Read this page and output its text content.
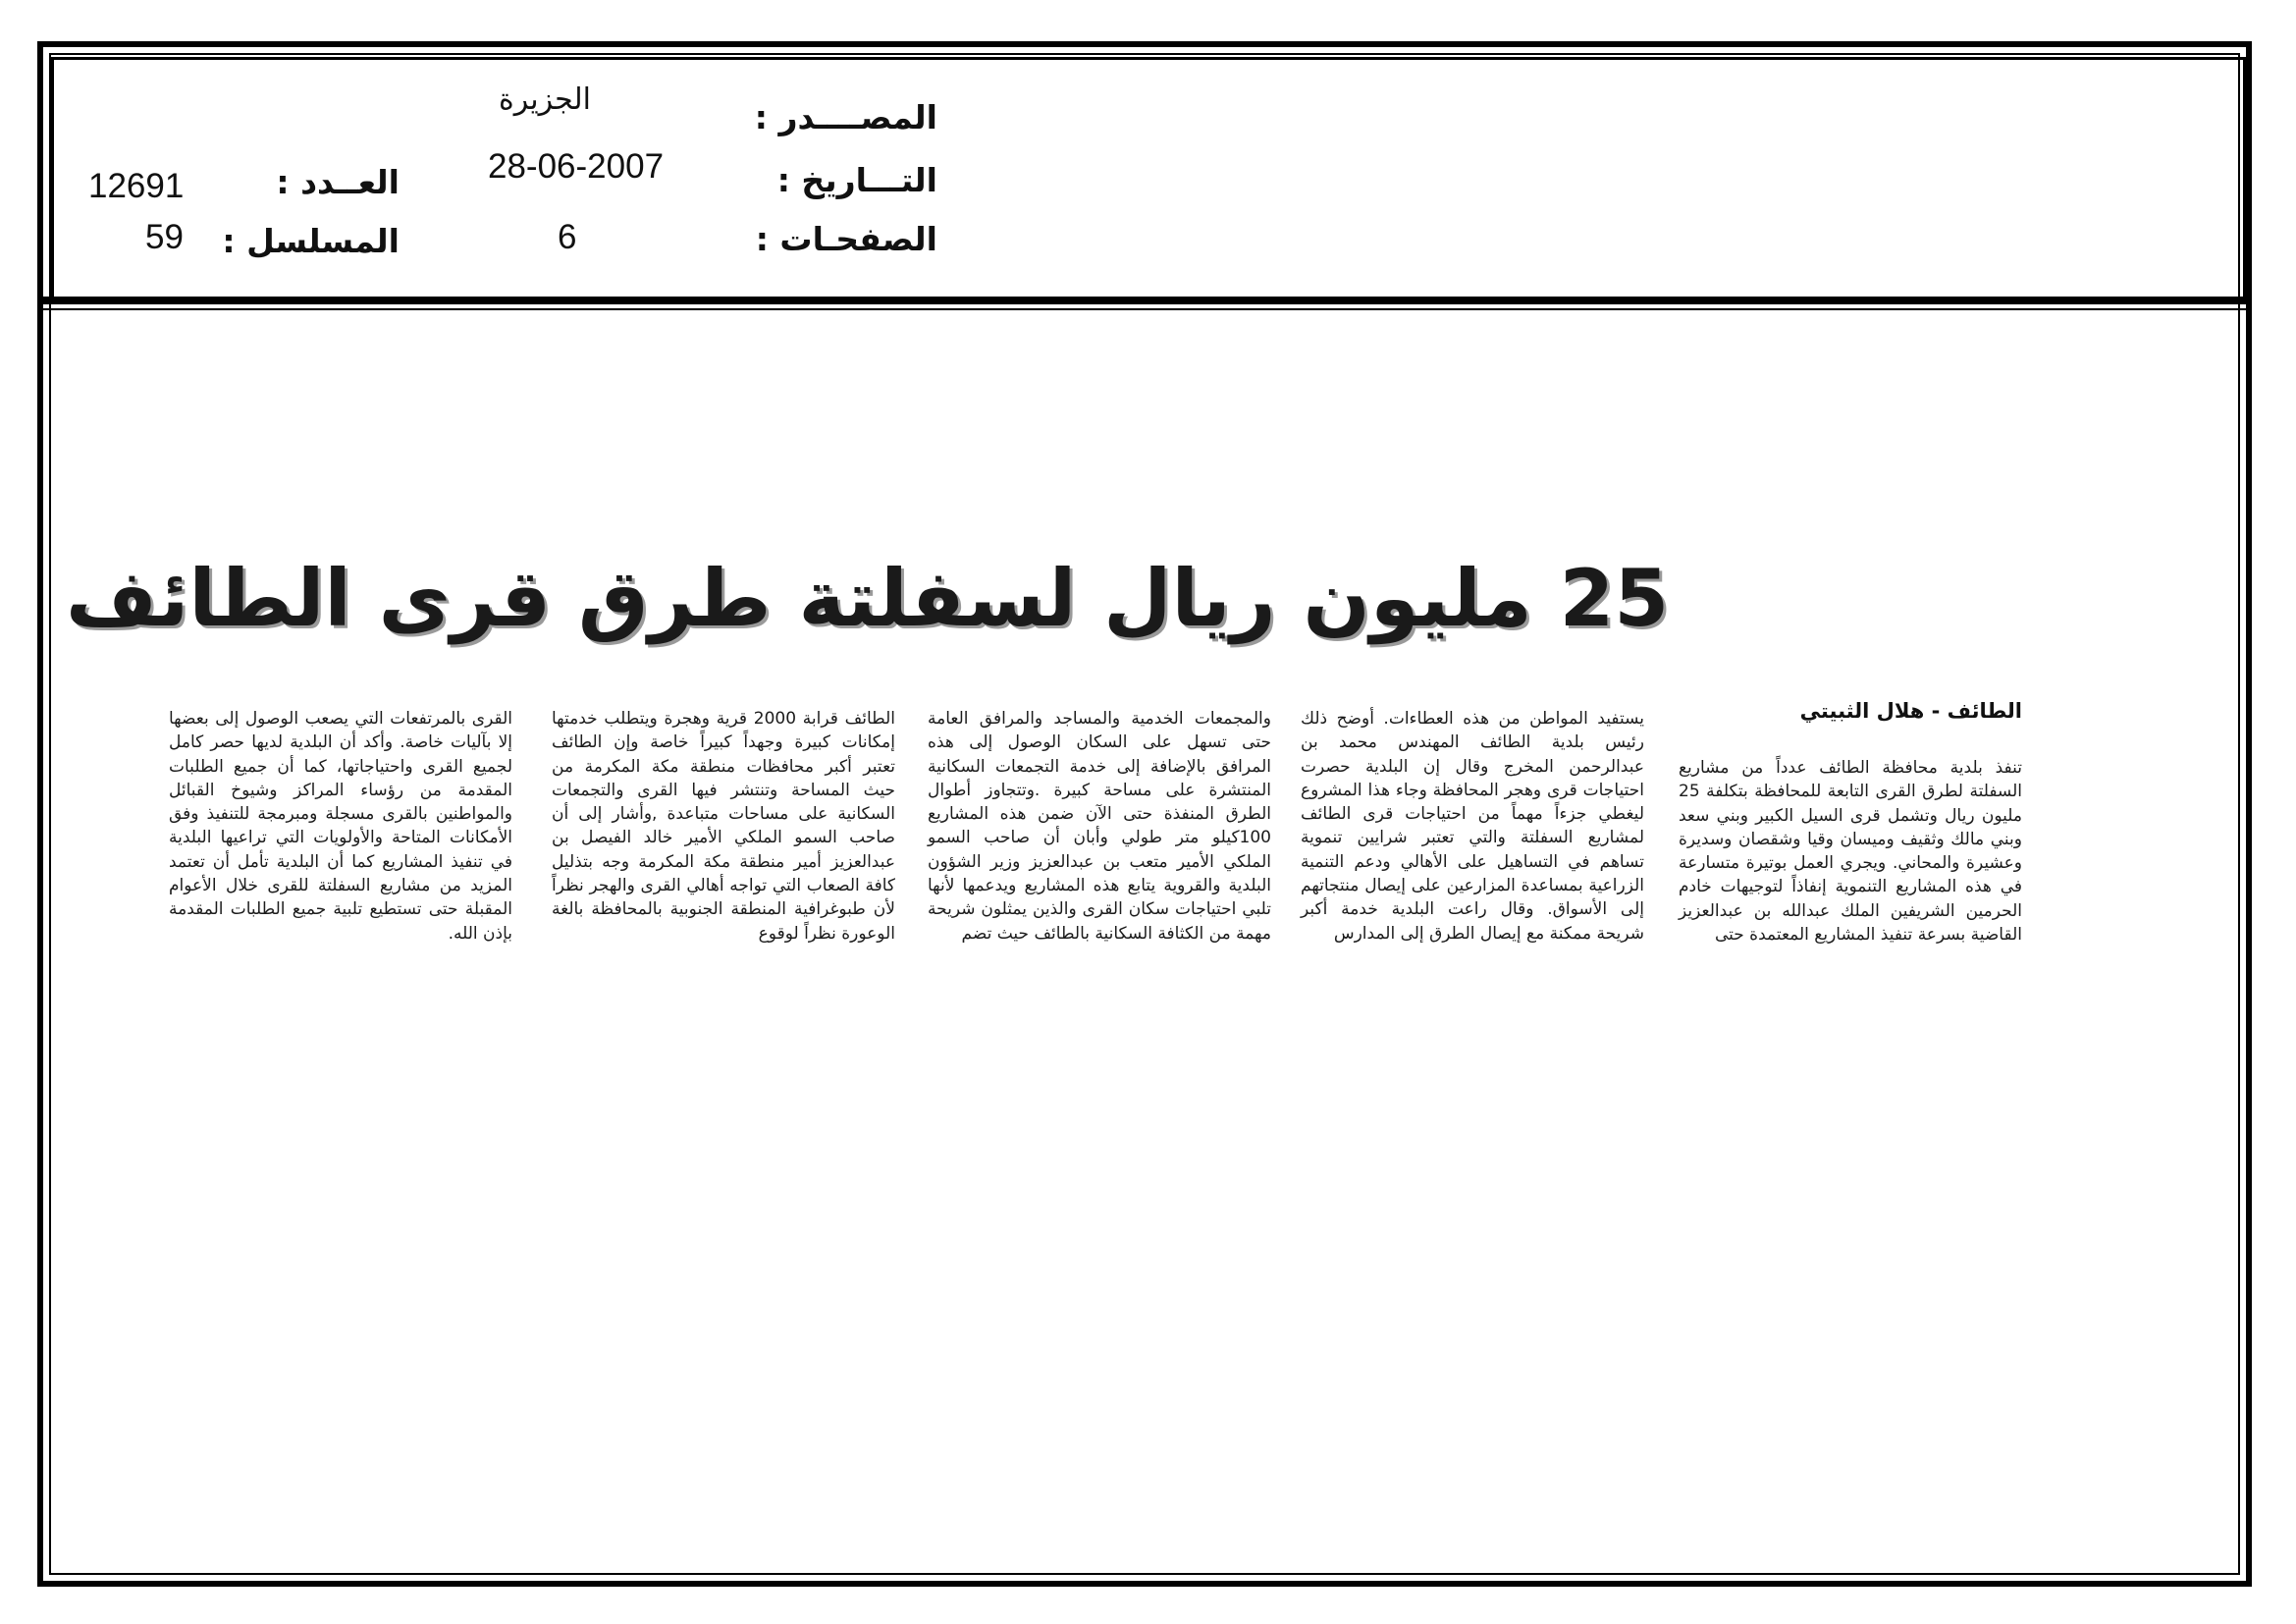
المصــــدر :
التـــاريخ :
الصفحـات :
الجزيرة
28-06-2007
6
العــدد :
المسلسل :
12691
59
25 مليون ريال لسفلتة طرق قرى الطائف
الطائف - هلال الثبيتي

تنفذ بلدية محافظة الطائف عدداً من مشاريع السفلتة لطرق القرى التابعة للمحافظة بتكلفة 25 مليون ريال وتشمل قرى السيل الكبير وبني سعد وبني مالك وثقيف وميسان وقيا وشقصان وسديرة وعشيرة والمحاني. ويجري العمل بوتيرة متسارعة في هذه المشاريع التنموية إنفاذاً لتوجيهات خادم الحرمين الشريفين الملك عبدالله بن عبدالعزيز القاضية بسرعة تنفيذ المشاريع المعتمدة حتى

يستفيد المواطن من هذه العطاءات. أوضح ذلك رئيس بلدية الطائف المهندس محمد بن عبدالرحمن المخرج وقال إن البلدية حصرت احتياجات قرى وهجر المحافظة وجاء هذا المشروع ليغطي جزءاً مهماً من احتياجات قرى الطائف لمشاريع السفلتة والتي تعتبر شرايين تنموية تساهم في التساهيل على الأهالي ودعم التنمية الزراعية بمساعدة المزارعين على إيصال منتجاتهم إلى الأسواق. وقال راعت البلدية خدمة أكبر شريحة ممكنة مع إيصال الطرق إلى المدارس

والمجمعات الخدمية والمساجد والمرافق العامة حتى تسهل على السكان الوصول إلى هذه المرافق بالإضافة إلى خدمة التجمعات السكانية المنتشرة على مساحة كبيرة .وتتجاوز أطوال الطرق المنفذة حتى الآن ضمن هذه المشاريع 100كيلو متر طولي وأبان أن صاحب السمو الملكي الأمير متعب بن عبدالعزيز وزير الشؤون البلدية والقروية يتابع هذه المشاريع ويدعمها لأنها تلبي احتياجات سكان القرى والذين يمثلون شريحة مهمة من الكثافة السكانية بالطائف حيث تضم

الطائف قرابة 2000 قرية وهجرة ويتطلب خدمتها إمكانات كبيرة وجهداً كبيراً خاصة وإن الطائف تعتبر أكبر محافظات منطقة مكة المكرمة من حيث المساحة وتنتشر فيها القرى والتجمعات السكانية على مساحات متباعدة ,وأشار إلى أن صاحب السمو الملكي الأمير خالد الفيصل بن عبدالعزيز أمير منطقة مكة المكرمة وجه بتذليل كافة الصعاب التي تواجه أهالي القرى والهجر نظراً لأن طبوغرافية المنطقة الجنوبية بالمحافظة بالغة الوعورة نظراً لوقوع

القرى بالمرتفعات التي يصعب الوصول إلى بعضها إلا بآليات خاصة. وأكد أن البلدية لديها حصر كامل لجميع القرى واحتياجاتها، كما أن جميع الطلبات المقدمة من رؤساء المراكز وشيوخ القبائل والمواطنين بالقرى مسجلة ومبرمجة للتنفيذ وفق الأمكانات المتاحة والأولويات التي تراعيها البلدية في تنفيذ المشاريع كما أن البلدية تأمل أن تعتمد المزيد من مشاريع السفلتة للقرى خلال الأعوام المقبلة حتى تستطيع تلبية جميع الطلبات المقدمة بإذن الله.
